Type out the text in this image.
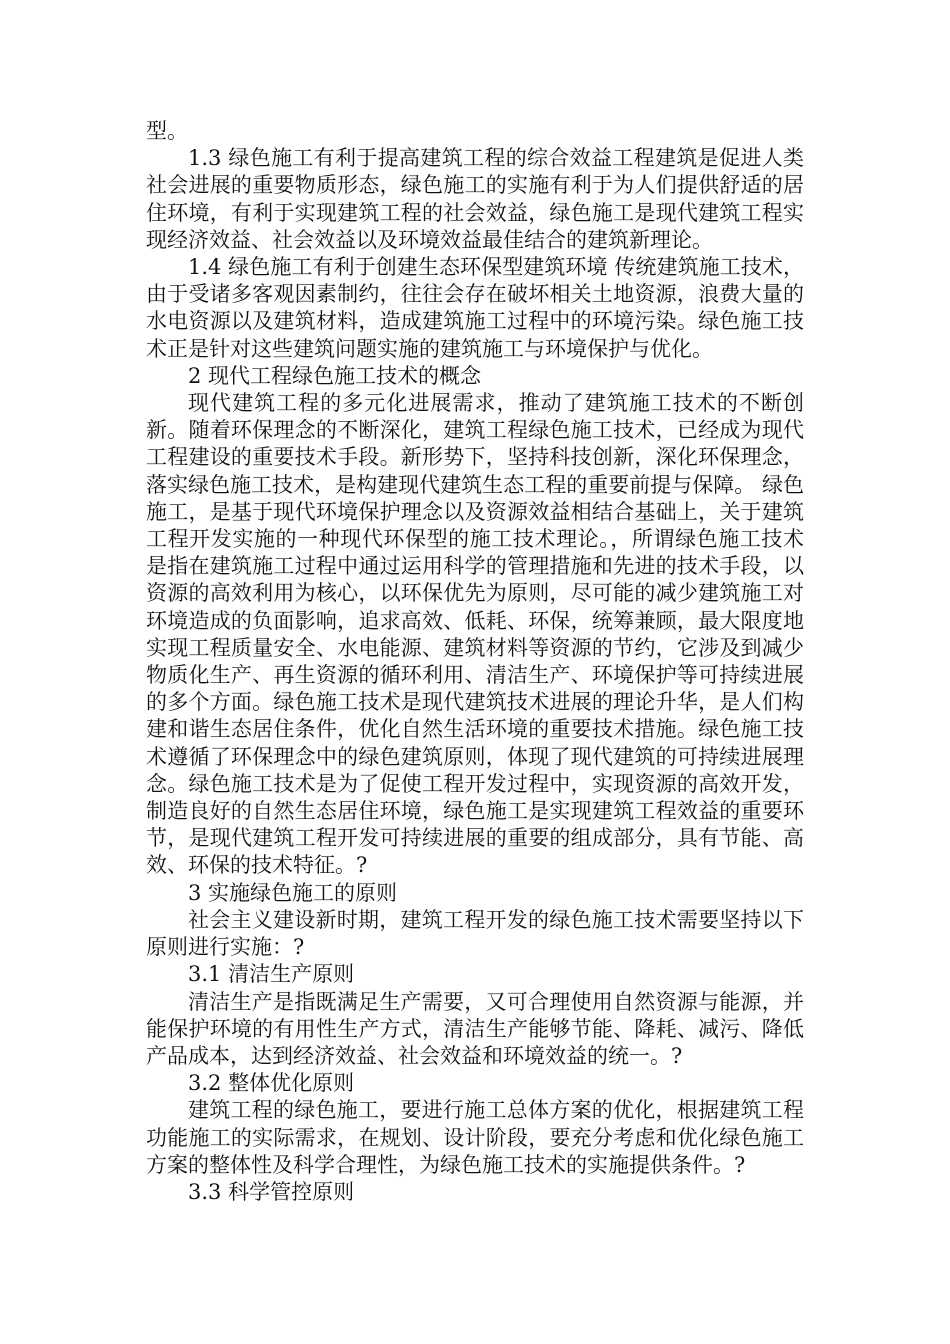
型。

1.3 绿色施工有利于提高建筑工程的综合效益工程建筑是促进人类社会进展的重要物质形态，绿色施工的实施有利于为人们提供舒适的居住环境，有利于实现建筑工程的社会效益，绿色施工是现代建筑工程实现经济效益、社会效益以及环境效益最佳结合的建筑新理论。

1.4 绿色施工有利于创建生态环保型建筑环境 传统建筑施工技术，由于受诸多客观因素制约，往往会存在破坏相关土地资源，浪费大量的水电资源以及建筑材料，造成建筑施工过程中的环境污染。绿色施工技术正是针对这些建筑问题实施的建筑施工与环境保护与优化。

2 现代工程绿色施工技术的概念

现代建筑工程的多元化进展需求，推动了建筑施工技术的不断创新。随着环保理念的不断深化，建筑工程绿色施工技术，已经成为现代工程建设的重要技术手段。新形势下，坚持科技创新，深化环保理念，落实绿色施工技术，是构建现代建筑生态工程的重要前提与保障。 绿色施工，是基于现代环境保护理念以及资源效益相结合基础上，关于建筑工程开发实施的一种现代环保型的施工技术理论。，所谓绿色施工技术是指在建筑施工过程中通过运用科学的管理措施和先进的技术手段，以资源的高效利用为核心，以环保优先为原则，尽可能的减少建筑施工对环境造成的负面影响，追求高效、低耗、环保，统筹兼顾，最大限度地实现工程质量安全、水电能源、建筑材料等资源的节约，它涉及到减少物质化生产、再生资源的循环利用、清洁生产、环境保护等可持续进展的多个方面。绿色施工技术是现代建筑技术进展的理论升华，是人们构建和谐生态居住条件，优化自然生活环境的重要技术措施。绿色施工技术遵循了环保理念中的绿色建筑原则，体现了现代建筑的可持续进展理念。绿色施工技术是为了促使工程开发过程中，实现资源的高效开发，制造良好的自然生态居住环境，绿色施工是实现建筑工程效益的重要环节，是现代建筑工程开发可持续进展的重要的组成部分，具有节能、高效、环保的技术特征。?

3 实施绿色施工的原则

社会主义建设新时期，建筑工程开发的绿色施工技术需要坚持以下原则进行实施：?

3.1 清洁生产原则

清洁生产是指既满足生产需要，又可合理使用自然资源与能源，并能保护环境的有用性生产方式，清洁生产能够节能、降耗、减污、降低产品成本，达到经济效益、社会效益和环境效益的统一。?

3.2 整体优化原则

建筑工程的绿色施工，要进行施工总体方案的优化，根据建筑工程功能施工的实际需求，在规划、设计阶段，要充分考虑和优化绿色施工方案的整体性及科学合理性，为绿色施工技术的实施提供条件。?

3.3 科学管控原则
